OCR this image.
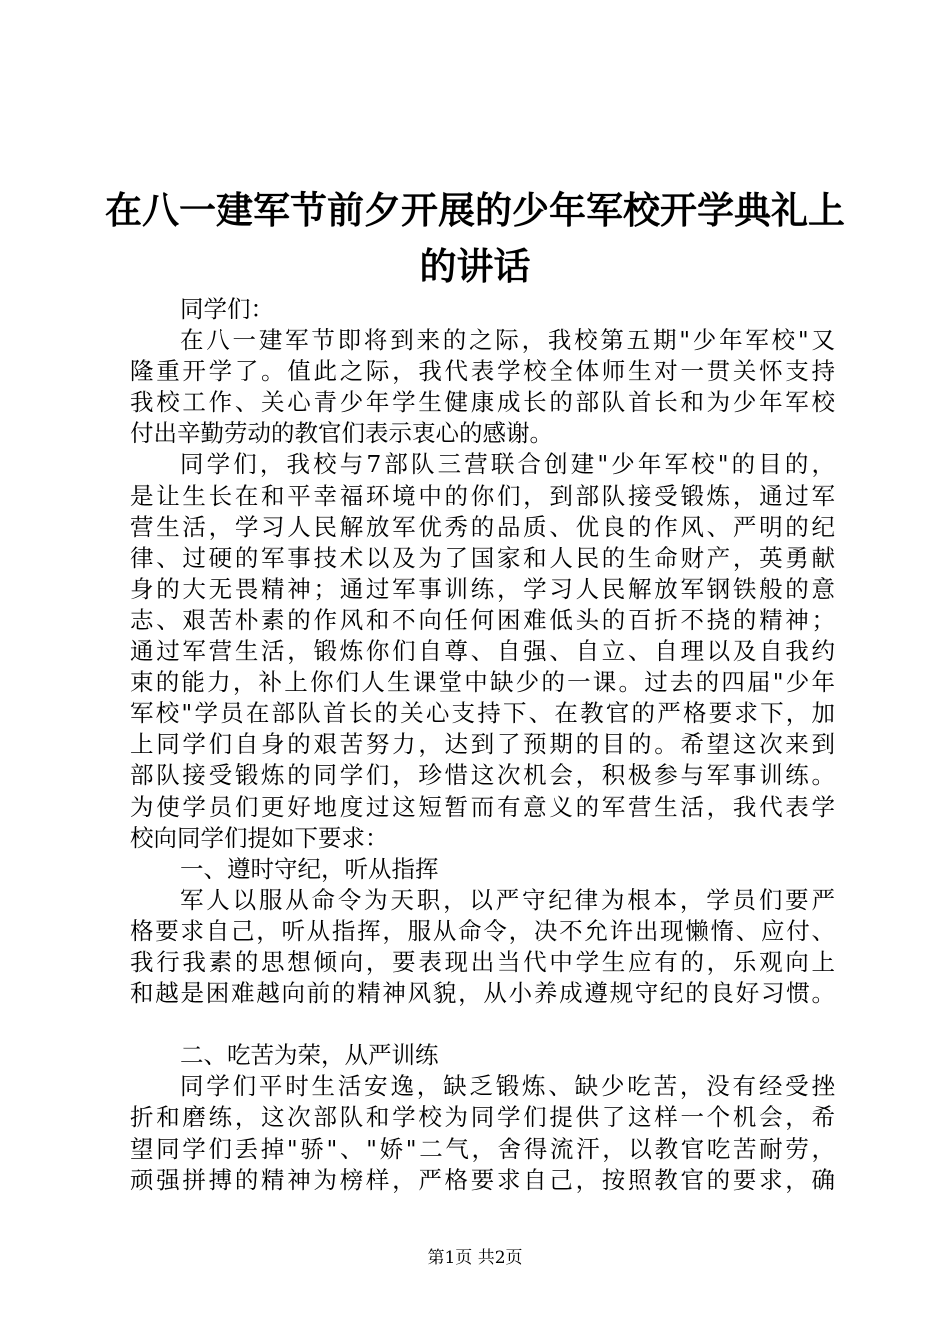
在八一建军节前夕开展的少年军校开学典礼上
的讲话
同学们：
在八一建军节即将到来的之际，我校第五期"少年军校"又
隆重开学了。值此之际，我代表学校全体师生对一贯关怀支持
我校工作、关心青少年学生健康成长的部队首长和为少年军校
付出辛勤劳动的教官们表示衷心的感谢。
同学们，我校与7部队三营联合创建"少年军校"的目的，
是让生长在和平幸福环境中的你们，到部队接受锻炼，通过军
营生活，学习人民解放军优秀的品质、优良的作风、严明的纪
律、过硬的军事技术以及为了国家和人民的生命财产，英勇献
身的大无畏精神；通过军事训练，学习人民解放军钢铁般的意
志、艰苦朴素的作风和不向任何困难低头的百折不挠的精神；
通过军营生活，锻炼你们自尊、自强、自立、自理以及自我约
束的能力，补上你们人生课堂中缺少的一课。过去的四届"少年
军校"学员在部队首长的关心支持下、在教官的严格要求下，加
上同学们自身的艰苦努力，达到了预期的目的。希望这次来到
部队接受锻炼的同学们，珍惜这次机会，积极参与军事训练。
为使学员们更好地度过这短暂而有意义的军营生活，我代表学
校向同学们提如下要求：
一、遵时守纪，听从指挥
军人以服从命令为天职，以严守纪律为根本，学员们要严
格要求自己，听从指挥，服从命令，决不允许出现懒惰、应付、
我行我素的思想倾向，要表现出当代中学生应有的，乐观向上
和越是困难越向前的精神风貌，从小养成遵规守纪的良好习惯。
二、吃苦为荣，从严训练
同学们平时生活安逸，缺乏锻炼、缺少吃苦，没有经受挫
折和磨练，这次部队和学校为同学们提供了这样一个机会，希
望同学们丢掉"骄"、"娇"二气，舍得流汗，以教官吃苦耐劳，
顽强拼搏的精神为榜样，严格要求自己，按照教官的要求，确
第1页 共2页
